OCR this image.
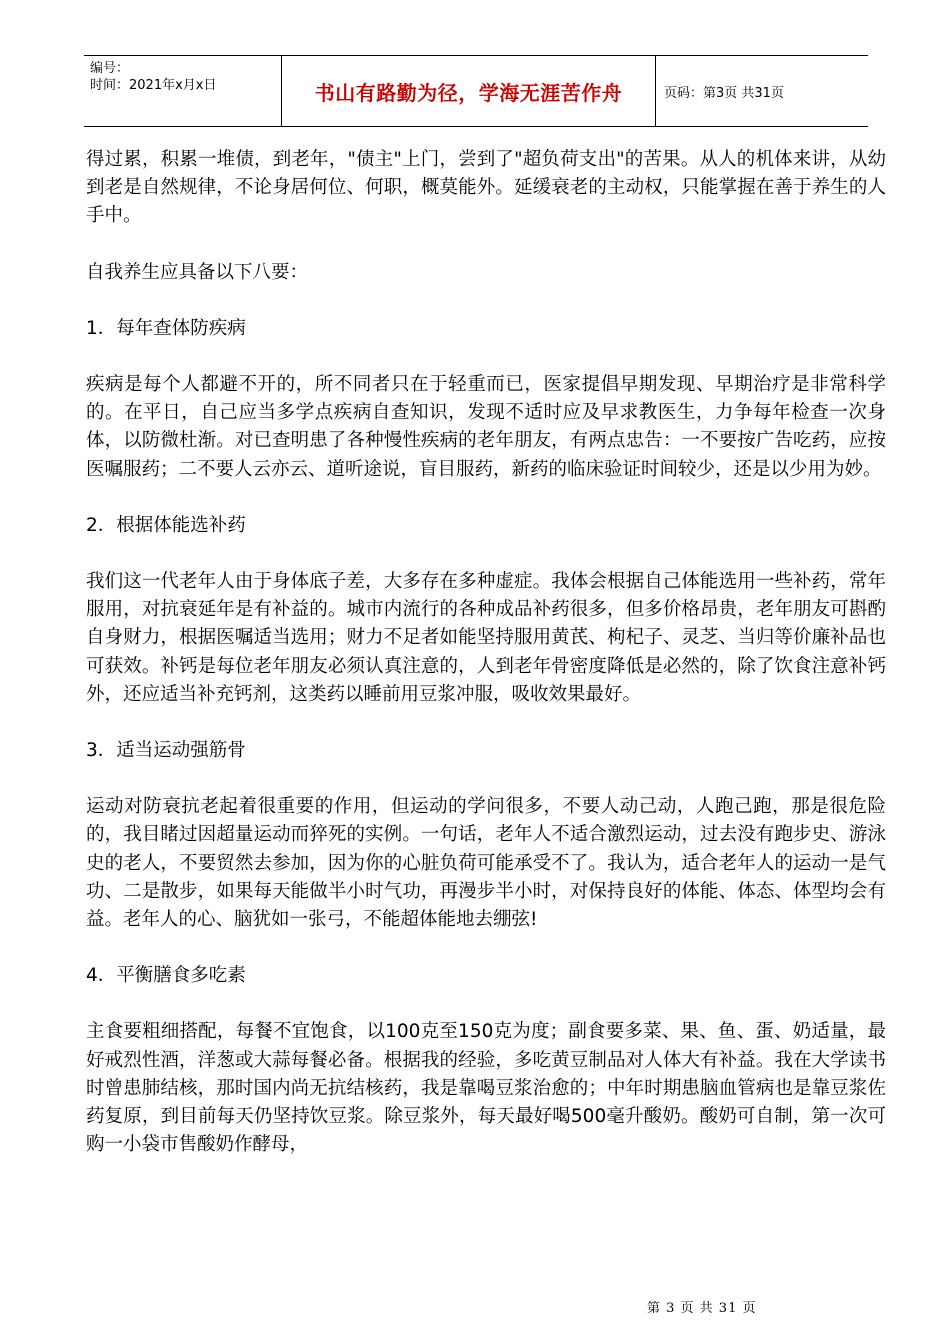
编号：
时间：2021年x月x日	书山有路勤为径，学海无涯苦作舟	页码：第3页 共31页

得过累，积累一堆债，到老年，"债主"上门，尝到了"超负荷支出"的苦果。从人的机体来讲，从幼到老是自然规律，不论身居何位、何职，概莫能外。延缓衰老的主动权，只能掌握在善于养生的人手中。

自我养生应具备以下八要：

1．每年查体防疾病

疾病是每个人都避不开的，所不同者只在于轻重而已，医家提倡早期发现、早期治疗是非常科学的。在平日，自己应当多学点疾病自查知识，发现不适时应及早求教医生，力争每年检查一次身体，以防微杜渐。对已查明患了各种慢性疾病的老年朋友，有两点忠告：一不要按广告吃药，应按医嘱服药；二不要人云亦云、道听途说，盲目服药，新药的临床验证时间较少，还是以少用为妙。

2．根据体能选补药

我们这一代老年人由于身体底子差，大多存在多种虚症。我体会根据自己体能选用一些补药，常年服用，对抗衰延年是有补益的。城市内流行的各种成品补药很多，但多价格昂贵，老年朋友可斟酌自身财力，根据医嘱适当选用；财力不足者如能坚持服用黄芪、枸杞子、灵芝、当归等价廉补品也可获效。补钙是每位老年朋友必须认真注意的，人到老年骨密度降低是必然的，除了饮食注意补钙外，还应适当补充钙剂，这类药以睡前用豆浆冲服，吸收效果最好。

3．适当运动强筋骨

运动对防衰抗老起着很重要的作用，但运动的学问很多，不要人动己动，人跑己跑，那是很危险的，我目睹过因超量运动而猝死的实例。一句话，老年人不适合激烈运动，过去没有跑步史、游泳史的老人，不要贸然去参加，因为你的心脏负荷可能承受不了。我认为，适合老年人的运动一是气功、二是散步，如果每天能做半小时气功，再漫步半小时，对保持良好的体能、体态、体型均会有益。老年人的心、脑犹如一张弓，不能超体能地去绷弦!

4．平衡膳食多吃素

主食要粗细搭配，每餐不宜饱食，以100克至150克为度；副食要多菜、果、鱼、蛋、奶适量，最好戒烈性酒，洋葱或大蒜每餐必备。根据我的经验，多吃黄豆制品对人体大有补益。我在大学读书时曾患肺结核，那时国内尚无抗结核药，我是靠喝豆浆治愈的；中年时期患脑血管病也是靠豆浆佐药复原，到目前每天仍坚持饮豆浆。除豆浆外，每天最好喝500毫升酸奶。酸奶可自制，第一次可购一小袋市售酸奶作酵母，

第 3 页 共 31 页
